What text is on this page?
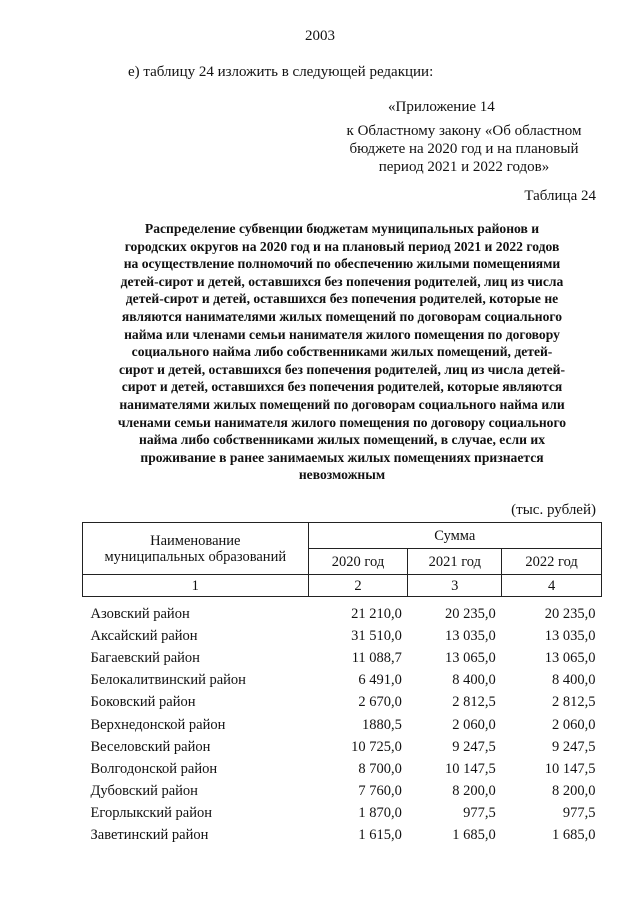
2003
е) таблицу 24 изложить в следующей редакции:
«Приложение 14
к Областному закону «Об областном
бюджете на 2020 год и на плановый
период 2021 и 2022 годов»
Таблица 24
Распределение субвенции бюджетам муниципальных районов и
городских округов на 2020 год и на плановый период 2021 и 2022 годов
на осуществление полномочий по обеспечению жилыми помещениями
детей-сирот и детей, оставшихся без попечения родителей, лиц из числа
детей-сирот и детей, оставшихся без попечения родителей, которые не
являются нанимателями жилых помещений по договорам социального
найма или членами семьи нанимателя жилого помещения по договору
социального найма либо собственниками жилых помещений, детей-
сирот и детей, оставшихся без попечения родителей, лиц из числа детей-
сирот и детей, оставшихся без попечения родителей, которые являются
нанимателями жилых помещений по договорам социального найма или
членами семьи нанимателя жилого помещения по договору социального
найма либо собственниками жилых помещений, в случае, если их
проживание в ранее занимаемых жилых помещениях признается
невозможным
(тыс. рублей)
Наименование
муниципальных образований	Сумма		
	2020 год	2021 год	2022 год
1	2	3	4
Азовский район	21 210,0	20 235,0	20 235,0
Аксайский район	31 510,0	13 035,0	13 035,0
Багаевский район	11 088,7	13 065,0	13 065,0
Белокалитвинский район	6 491,0	8 400,0	8 400,0
Боковский район	2 670,0	2 812,5	2 812,5
Верхнедонской район	1880,5	2 060,0	2 060,0
Веселовский район	10 725,0	9 247,5	9 247,5
Волгодонской район	8 700,0	10 147,5	10 147,5
Дубовский район	7 760,0	8 200,0	8 200,0
Егорлыкский район	1 870,0	977,5	977,5
Заветинский район	1 615,0	1 685,0	1 685,0
